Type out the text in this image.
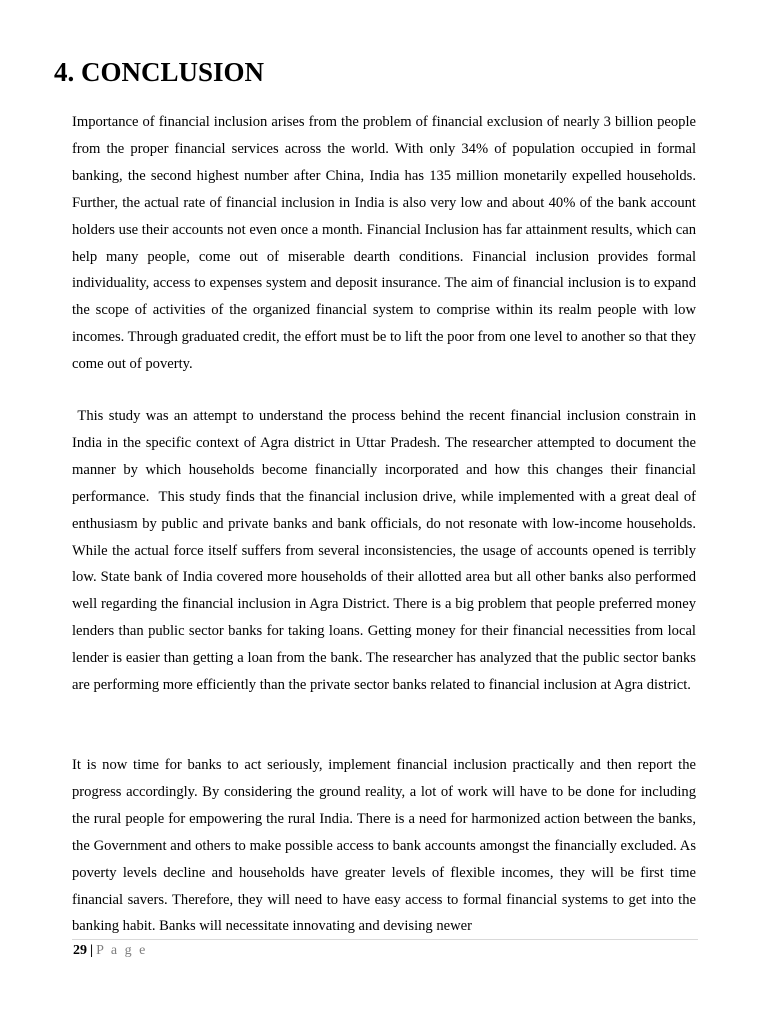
4. CONCLUSION

Importance of financial inclusion arises from the problem of financial exclusion of nearly 3 billion people from the proper financial services across the world. With only 34% of population occupied in formal banking, the second highest number after China, India has 135 million monetarily expelled households. Further, the actual rate of financial inclusion in India is also very low and about 40% of the bank account holders use their accounts not even once a month. Financial Inclusion has far attainment results, which can help many people, come out of miserable dearth conditions. Financial inclusion provides formal individuality, access to expenses system and deposit insurance. The aim of financial inclusion is to expand the scope of activities of the organized financial system to comprise within its realm people with low incomes. Through graduated credit, the effort must be to lift the poor from one level to another so that they come out of poverty.

This study was an attempt to understand the process behind the recent financial inclusion constrain in India in the specific context of Agra district in Uttar Pradesh. The researcher attempted to document the manner by which households become financially incorporated and how this changes their financial performance.  This study finds that the financial inclusion drive, while implemented with a great deal of enthusiasm by public and private banks and bank officials, do not resonate with low-income households. While the actual force itself suffers from several inconsistencies, the usage of accounts opened is terribly low. State bank of India covered more households of their allotted area but all other banks also performed well regarding the financial inclusion in Agra District. There is a big problem that people preferred money lenders than public sector banks for taking loans. Getting money for their financial necessities from local lender is easier than getting a loan from the bank. The researcher has analyzed that the public sector banks are performing more efficiently than the private sector banks related to financial inclusion at Agra district.

It is now time for banks to act seriously, implement financial inclusion practically and then report the progress accordingly. By considering the ground reality, a lot of work will have to be done for including the rural people for empowering the rural India. There is a need for harmonized action between the banks, the Government and others to make possible access to bank accounts amongst the financially excluded. As poverty levels decline and households have greater levels of flexible incomes, they will be first time financial savers. Therefore, they will need to have easy access to formal financial systems to get into the banking habit. Banks will necessitate innovating and devising newer

29 | P a g e
